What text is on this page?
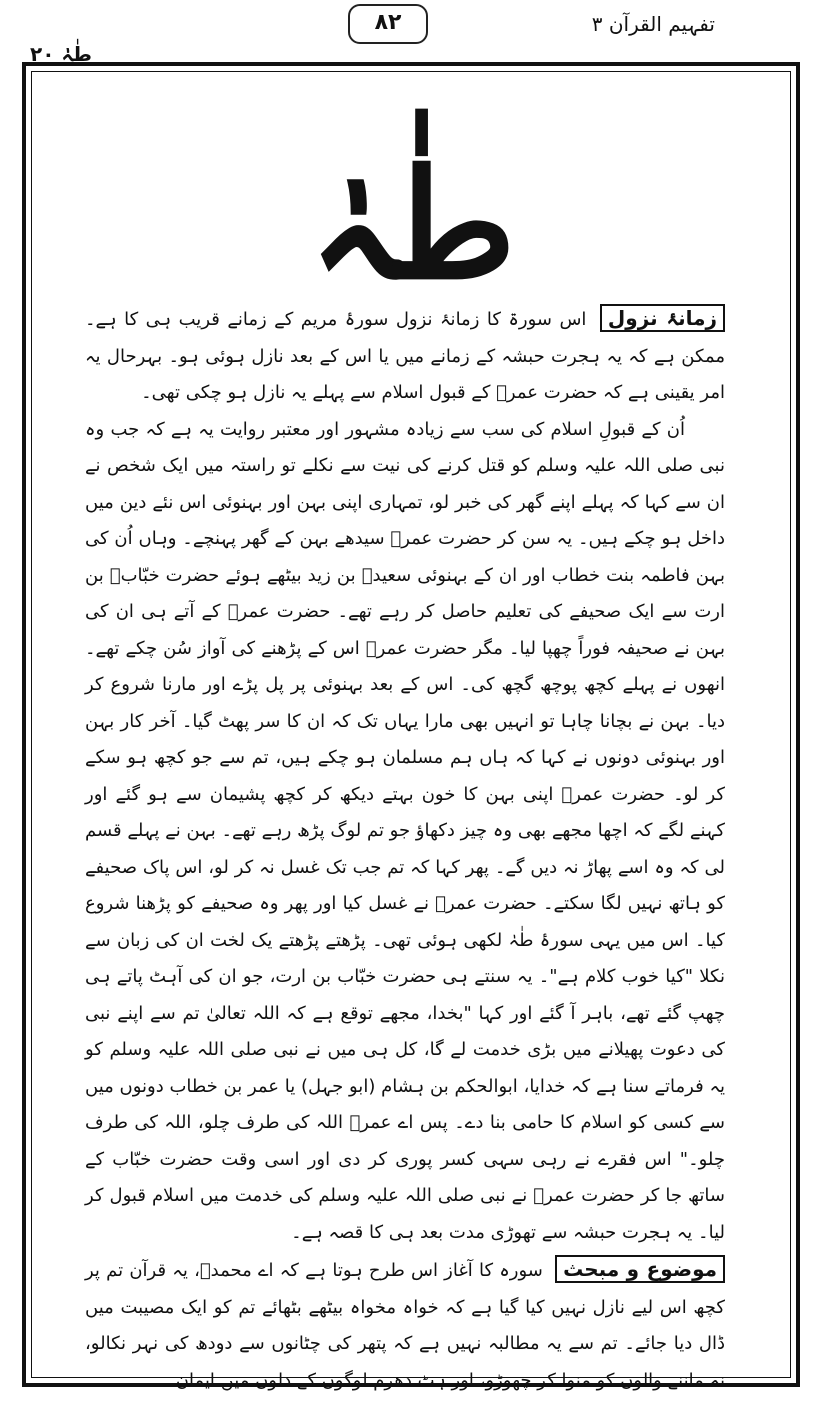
تفہیم القرآن ۳
۸۲
طٰہٰ ۲۰
طٰہٰ

زمانۂ نزول اس سورۃ کا زمانۂ نزول سورۂ مریم کے زمانے قریب ہی کا ہے۔ ممکن ہے کہ یہ ہجرت حبشہ کے زمانے میں یا اس کے بعد نازل ہوئی ہو۔ بہرحال یہ امر یقینی ہے کہ حضرت عمرؓ کے قبول اسلام سے پہلے یہ نازل ہو چکی تھی۔

اُن کے قبولِ اسلام کی سب سے زیادہ مشہور اور معتبر روایت یہ ہے کہ جب وہ نبی صلی اللہ علیہ وسلم کو قتل کرنے کی نیت سے نکلے تو راستہ میں ایک شخص نے ان سے کہا کہ پہلے اپنے گھر کی خبر لو، تمہاری اپنی بہن اور بہنوئی اس نئے دین میں داخل ہو چکے ہیں۔ یہ سن کر حضرت عمرؓ سیدھے بہن کے گھر پہنچے۔ وہاں اُن کی بہن فاطمہ بنت خطاب اور ان کے بہنوئی سعیدؓ بن زید بیٹھے ہوئے حضرت خبّابؓ بن ارت سے ایک صحیفے کی تعلیم حاصل کر رہے تھے۔ حضرت عمرؓ کے آتے ہی ان کی بہن نے صحیفہ فوراً چھپا لیا۔ مگر حضرت عمرؓ اس کے پڑھنے کی آواز سُن چکے تھے۔ انھوں نے پہلے کچھ پوچھ گچھ کی۔ اس کے بعد بہنوئی پر پل پڑے اور مارنا شروع کر دیا۔ بہن نے بچانا چاہا تو انہیں بھی مارا یہاں تک کہ ان کا سر پھٹ گیا۔ آخر کار بہن اور بہنوئی دونوں نے کہا کہ ہاں ہم مسلمان ہو چکے ہیں، تم سے جو کچھ ہو سکے کر لو۔ حضرت عمرؓ اپنی بہن کا خون بہتے دیکھ کر کچھ پشیمان سے ہو گئے اور کہنے لگے کہ اچھا مجھے بھی وہ چیز دکھاؤ جو تم لوگ پڑھ رہے تھے۔ بہن نے پہلے قسم لی کہ وہ اسے پھاڑ نہ دیں گے۔ پھر کہا کہ تم جب تک غسل نہ کر لو، اس پاک صحیفے کو ہاتھ نہیں لگا سکتے۔ حضرت عمرؓ نے غسل کیا اور پھر وہ صحیفے کو پڑھنا شروع کیا۔ اس میں یہی سورۂ طٰہٰ لکھی ہوئی تھی۔ پڑھتے پڑھتے یک لخت ان کی زبان سے نکلا "کیا خوب کلام ہے"۔ یہ سنتے ہی حضرت خبّاب بن ارت، جو ان کی آہٹ پاتے ہی چھپ گئے تھے، باہر آ گئے اور کہا "بخدا، مجھے توقع ہے کہ اللہ تعالیٰ تم سے اپنے نبی کی دعوت پھیلانے میں بڑی خدمت لے گا، کل ہی میں نے نبی صلی اللہ علیہ وسلم کو یہ فرماتے سنا ہے کہ خدایا، ابوالحکم بن ہشام (ابو جہل) یا عمر بن خطاب دونوں میں سے کسی کو اسلام کا حامی بنا دے۔ پس اے عمرؓ اللہ کی طرف چلو، اللہ کی طرف چلو۔" اس فقرے نے رہی سہی کسر پوری کر دی اور اسی وقت حضرت خبّاب کے ساتھ جا کر حضرت عمرؓ نے نبی صلی اللہ علیہ وسلم کی خدمت میں اسلام قبول کر لیا۔ یہ ہجرت حبشہ سے تھوڑی مدت بعد ہی کا قصہ ہے۔

موضوع و مبحث سورہ کا آغاز اس طرح ہوتا ہے کہ اے محمدؐ، یہ قرآن تم پر کچھ اس لیے نازل نہیں کیا گیا ہے کہ خواہ مخواہ بیٹھے بٹھائے تم کو ایک مصیبت میں ڈال دیا جائے۔ تم سے یہ مطالبہ نہیں ہے کہ پتھر کی چٹانوں سے دودھ کی نہر نکالو، نہ ماننے والوں کو منوا کر چھوڑو، اور ہٹ دھرم لوگوں کے دلوں میں ایمان
